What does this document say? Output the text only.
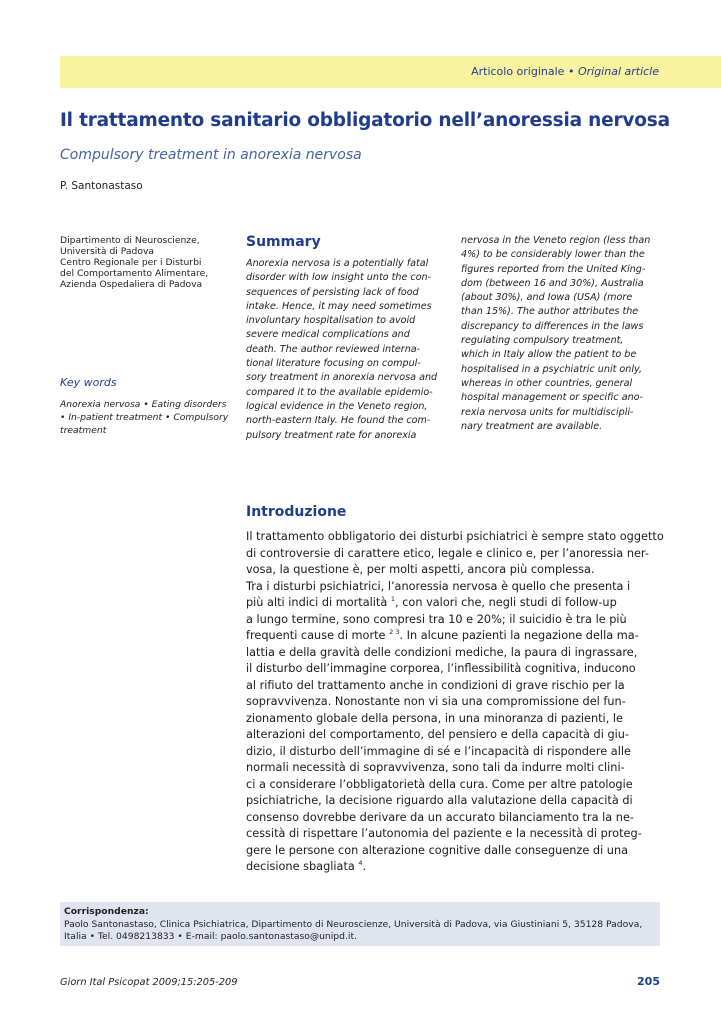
Articolo originale • Original article
Il trattamento sanitario obbligatorio nell’anoressia nervosa
Compulsory treatment in anorexia nervosa
P. Santonastaso
Dipartimento di Neuroscienze,
Università di Padova
Centro Regionale per i Disturbi
del Comportamento Alimentare,
Azienda Ospedaliera di Padova
Key words
Anorexia nervosa • Eating disorders
• In-patient treatment • Compulsory
treatment
Summary
Anorexia nervosa is a potentially fatal
disorder with low insight unto the con-
sequences of persisting lack of food
intake. Hence, it may need sometimes
involuntary hospitalisation to avoid
severe medical complications and
death. The author reviewed interna-
tional literature focusing on compul-
sory treatment in anorexia nervosa and
compared it to the available epidemio-
logical evidence in the Veneto region,
north-eastern Italy. He found the com-
pulsory treatment rate for anorexia
nervosa in the Veneto region (less than
4%) to be considerably lower than the
figures reported from the United King-
dom (between 16 and 30%), Australia
(about 30%), and Iowa (USA) (more
than 15%). The author attributes the
discrepancy to differences in the laws
regulating compulsory treatment,
which in Italy allow the patient to be
hospitalised in a psychiatric unit only,
whereas in other countries, general
hospital management or specific ano-
rexia nervosa units for multidiscipli-
nary treatment are available.
Introduzione
Il trattamento obbligatorio dei disturbi psichiatrici è sempre stato oggetto
di controversie di carattere etico, legale e clinico e, per l’anoressia ner-
vosa, la questione è, per molti aspetti, ancora più complessa.
Tra i disturbi psichiatrici, l’anoressia nervosa è quello che presenta i
più alti indici di mortalità $^1$, con valori che, negli studi di follow-up
a lungo termine, sono compresi tra 10 e 20%; il suicidio è tra le più
frequenti cause di morte $^{2 3}$. In alcune pazienti la negazione della ma-
lattia e della gravità delle condizioni mediche, la paura di ingrassare,
il disturbo dell’immagine corporea, l’inflessibilità cognitiva, inducono
al rifiuto del trattamento anche in condizioni di grave rischio per la
sopravvivenza. Nonostante non vi sia una compromissione del fun-
zionamento globale della persona, in una minoranza di pazienti, le
alterazioni del comportamento, del pensiero e della capacità di giu-
dizio, il disturbo dell’immagine di sé e l’incapacità di rispondere alle
normali necessità di sopravvivenza, sono tali da indurre molti clini-
ci a considerare l’obbligatorietà della cura. Come per altre patologie
psichiatriche, la decisione riguardo alla valutazione della capacità di
consenso dovrebbe derivare da un accurato bilanciamento tra la ne-
cessità di rispettare l’autonomia del paziente e la necessità di proteg-
gere le persone con alterazione cognitive dalle conseguenze di una
decisione sbagliata $^4$.
Corrispondenza:
Paolo Santonastaso, Clinica Psichiatrica, Dipartimento di Neuroscienze, Università di Padova, via Giustiniani 5, 35128 Padova,
Italia • Tel. 0498213833 • E-mail: paolo.santonastaso@unipd.it.
Giorn Ital Psicopat 2009;15:205-209	205
